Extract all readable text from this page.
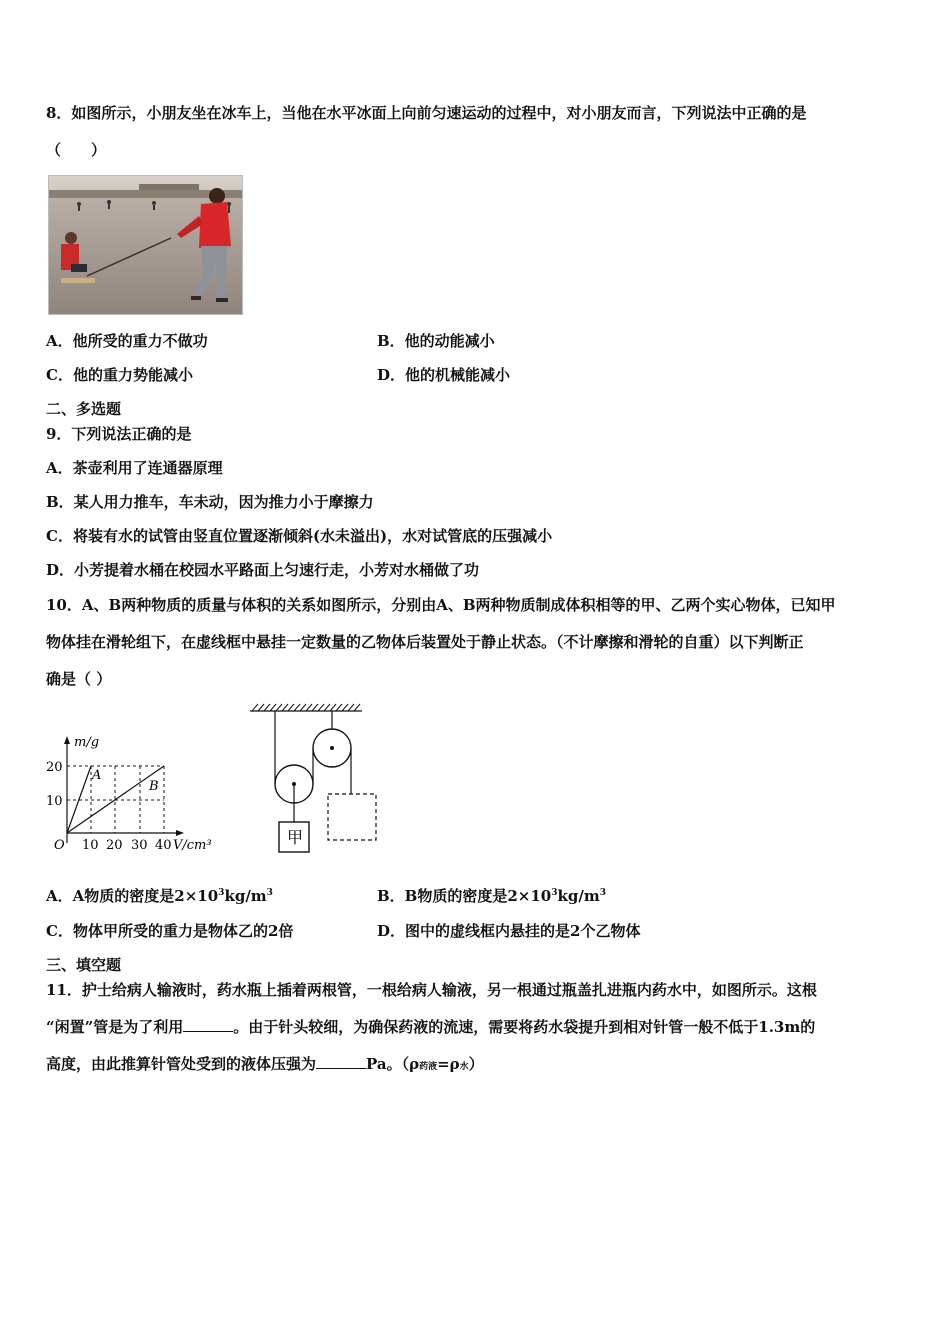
8．如图所示，小朋友坐在冰车上，当他在水平冰面上向前匀速运动的过程中，对小朋友而言，下列说法中正确的是
（　　）
A．他所受的重力不做功	B．他的动能减小
C．他的重力势能减小	D．他的机械能减小
二、多选题
9．下列说法正确的是
A．茶壶利用了连通器原理
B．某人用力推车，车未动，因为推力小于摩擦力
C．将装有水的试管由竖直位置逐渐倾斜(水未溢出)，水对试管底的压强减小
D．小芳提着水桶在校园水平路面上匀速行走，小芳对水桶做了功
10．A、B两种物质的质量与体积的关系如图所示，分别由A、B两种物质制成体积相等的甲、乙两个实心物体，已知甲
物体挂在滑轮组下，在虚线框中悬挂一定数量的乙物体后装置处于静止状态。（不计摩擦和滑轮的自重）以下判断正
确是（ ）
m/g
20
10
A
B
O 10 20 30 40 V/cm³	甲
A．A物质的密度是$2\times 10^3kg/m^3$	B．B物质的密度是$2\times 10^3kg/m^3$
C．物体甲所受的重力是物体乙的2倍	D．图中的虚线框内悬挂的是2个乙物体
三、填空题
11．护士给病人输液时，药水瓶上插着两根管，一根给病人输液，另一根通过瓶盖扎进瓶内药水中，如图所示。这根
“闲置”管是为了利用	。由于针头较细，为确保药液的流速，需要将药水袋提升到相对针管一般不低于1.3m的
高度，由此推算针管处受到的液体压强为	Pa。（ρ药液=ρ水）
